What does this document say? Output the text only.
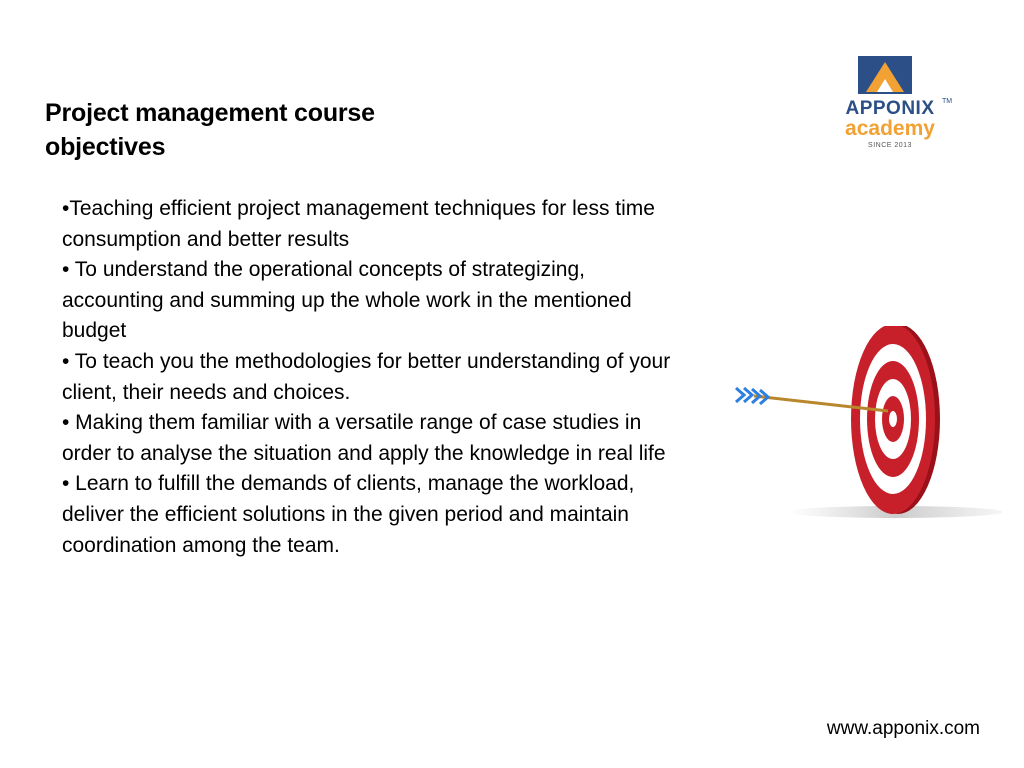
Project management course
objectives
•Teaching efficient project management techniques for less time
consumption and better results
• To understand the operational concepts of strategizing,
accounting and summing up the whole work in the mentioned
budget
• To teach you the methodologies for better understanding of your
client, their needs and choices.
• Making them familiar with a versatile range of case studies in
order to analyse the situation and apply the knowledge in real life
• Learn to fulfill the demands of clients, manage the workload,
deliver the efficient solutions in the given period and maintain
coordination among the team.

APPONIX	TM

academy

SINCE 2013

www.apponix.com
